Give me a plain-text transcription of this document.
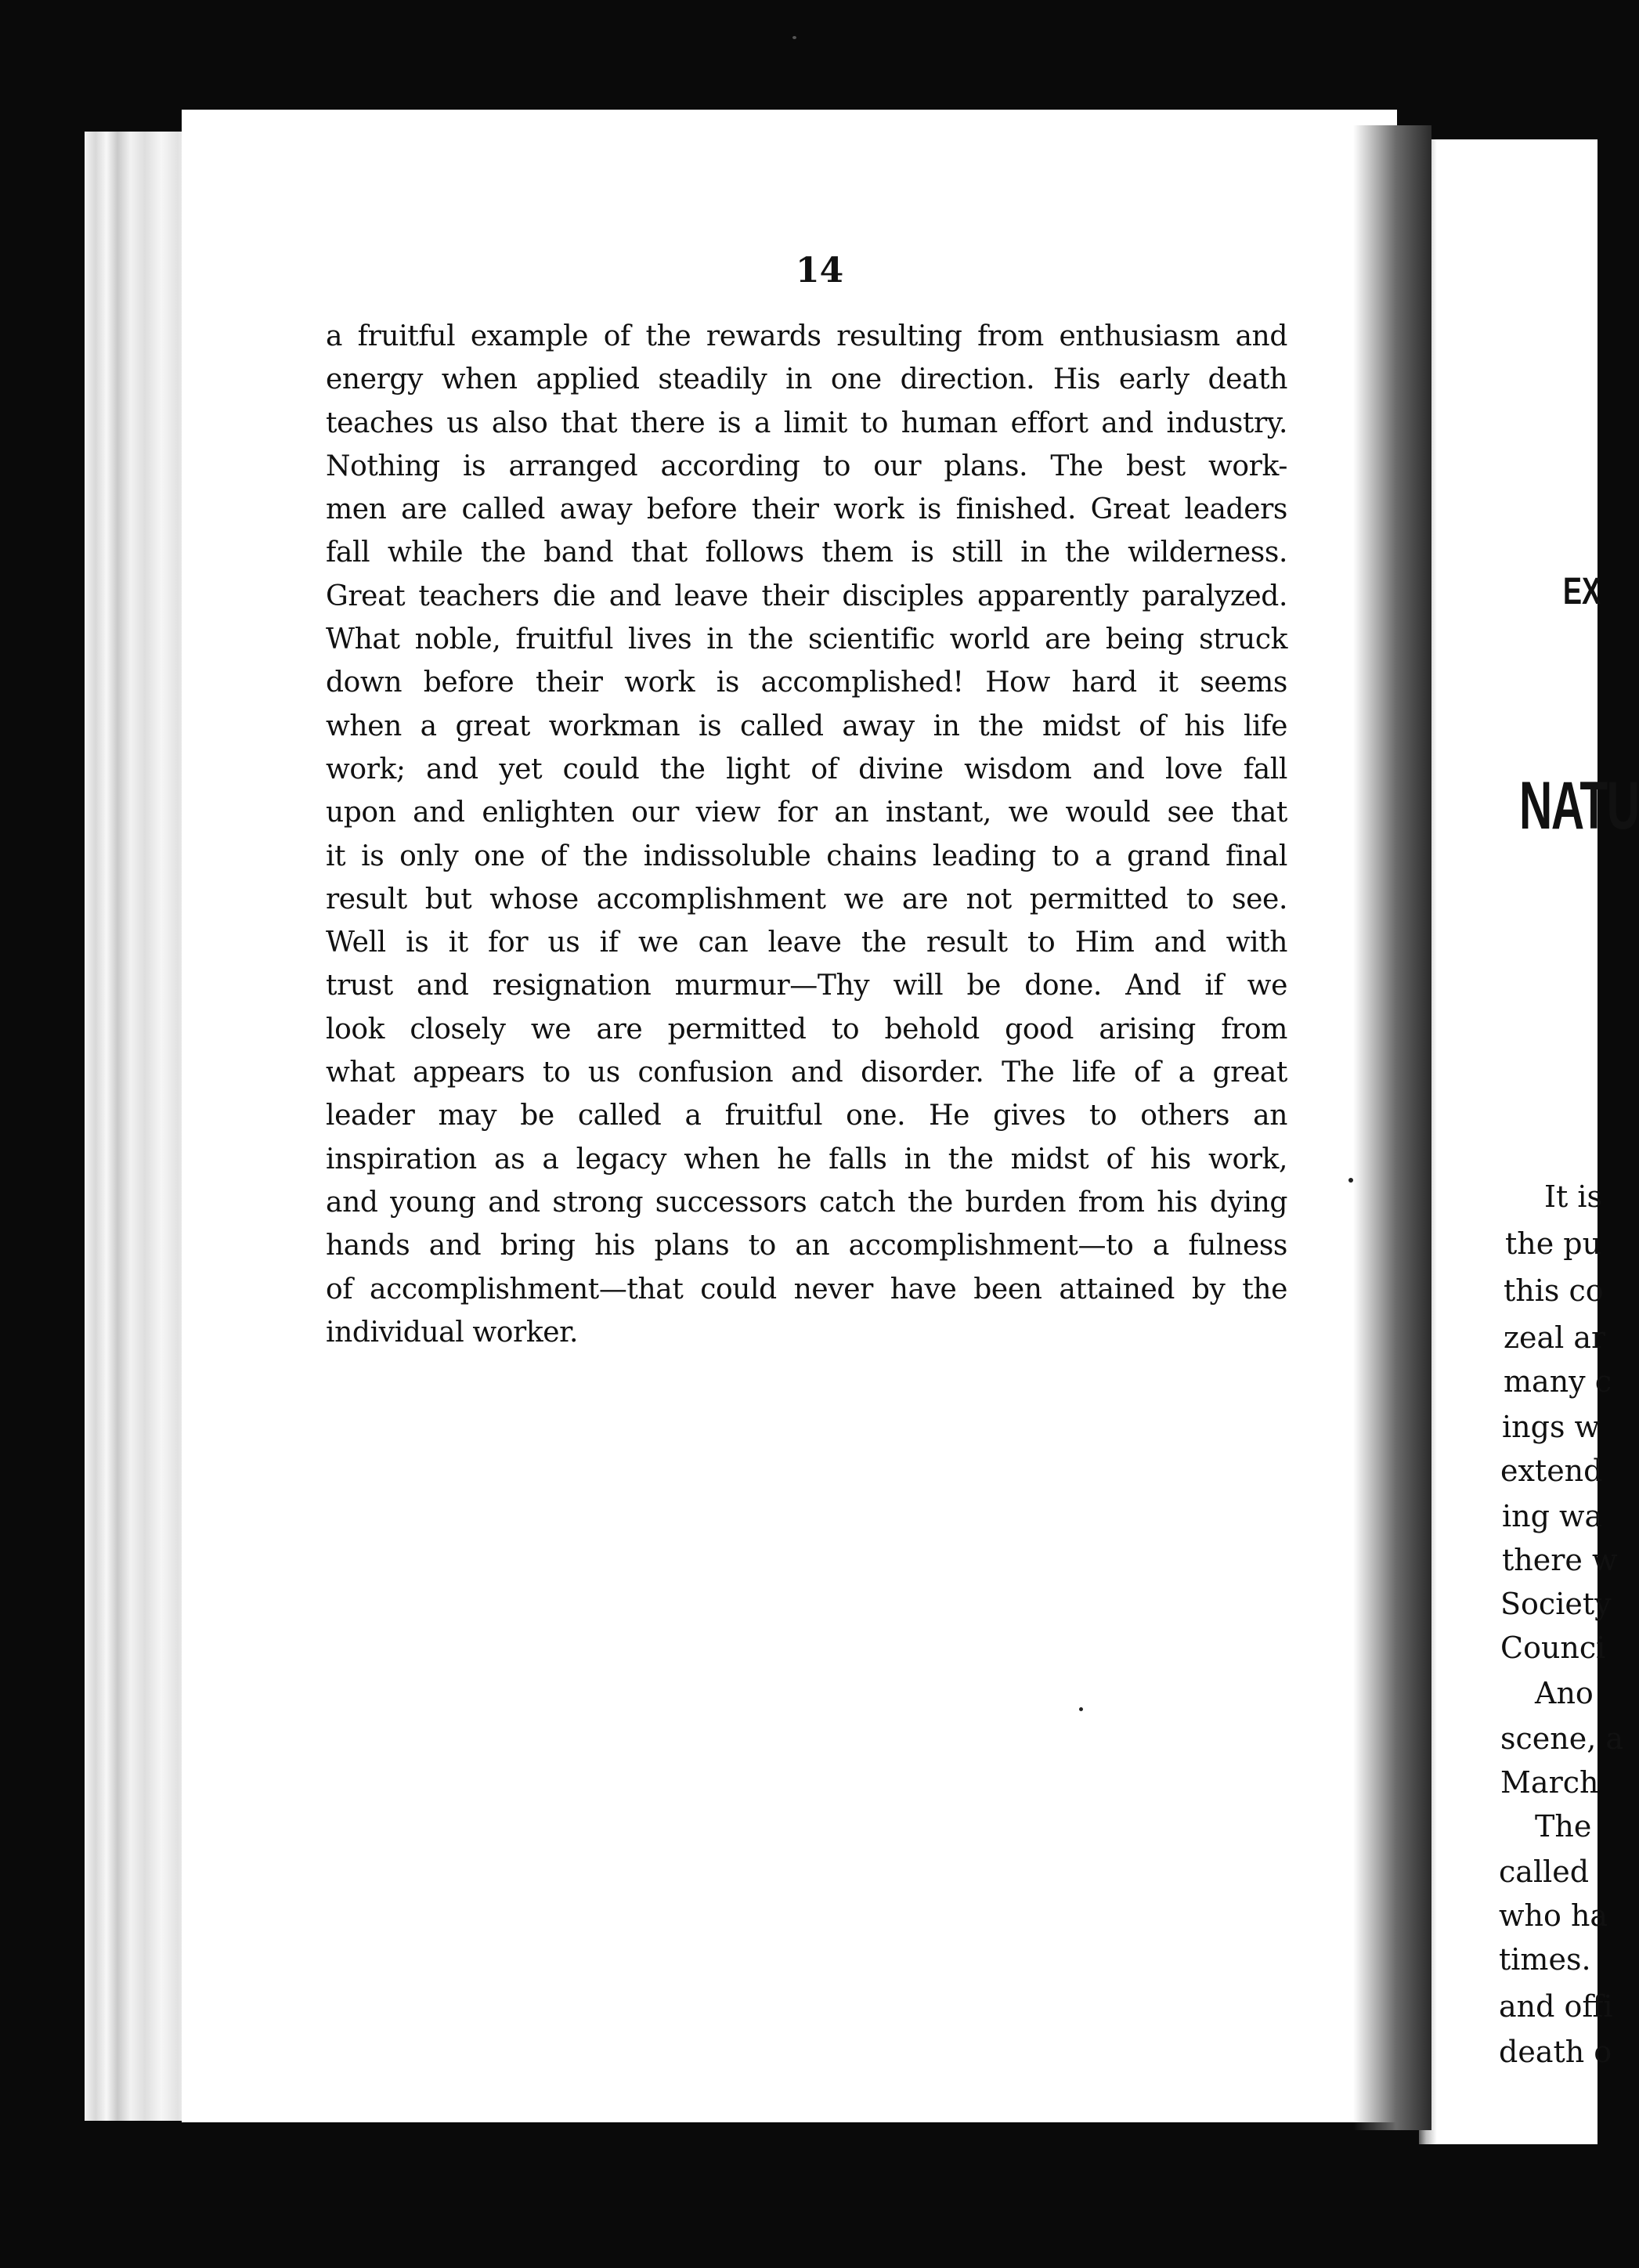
14
a fruitful example of the rewards resulting from enthusiasm and
energy when applied steadily in one direction. His early death
teaches us also that there is a limit to human effort and industry.
Nothing is arranged according to our plans. The best work-
men are called away before their work is finished. Great leaders
fall while the band that follows them is still in the wilderness.
Great teachers die and leave their disciples apparently paralyzed.
What noble, fruitful lives in the scientific world are being struck
down before their work is accomplished! How hard it seems
when a great workman is called away in the midst of his life
work; and yet could the light of divine wisdom and love fall
upon and enlighten our view for an instant, we would see that
it is only one of the indissoluble chains leading to a grand final
result but whose accomplishment we are not permitted to see.
Well is it for us if we can leave the result to Him and with
trust and resignation murmur—Thy will be done. And if we
look closely we are permitted to behold good arising from
what appears to us confusion and disorder. The life of a great
leader may be called a fruitful one. He gives to others an
inspiration as a legacy when he falls in the midst of his work,
and young and strong successors catch the burden from his dying
hands and bring his plans to an accomplishment—to a fulness
of accomplishment—that could never have been attained by the
individual worker.
EX
NATU
It is
the pu
this co
zeal ar
many c
ings w
extend
ing wa
there w
Society
Counci
Ano
scene, a
March
The
called
who ha
times.
and offi
death o
